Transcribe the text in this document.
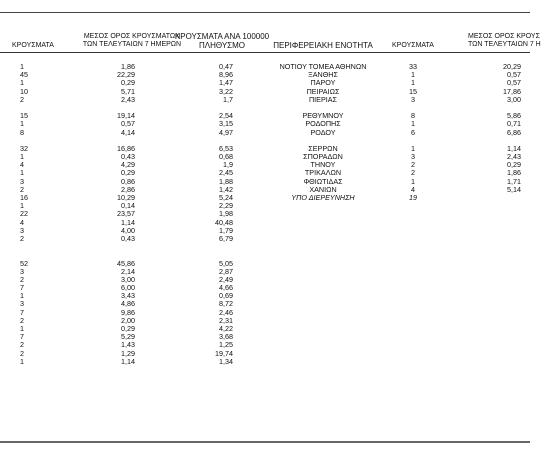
ΚΡΟΥΣΜΑΤΑ
ΜΕΣΟΣ ΟΡΟΣ ΚΡΟΥΣΜΑΤΩΝ
ΤΩΝ ΤΕΛΕΥΤΑΙΩΝ 7 ΗΜΕΡΩΝ
ΚΡΟΥΣΜΑΤΑ ΑΝΑ 100000
ΠΛΗΘΥΣΜΟ	ΠΕΡΙΦΕΡΕΙΑΚΗ ΕΝΟΤΗΤΑ	ΚΡΟΥΣΜΑΤΑ
ΜΕΣΟΣ ΟΡΟΣ ΚΡΟΥΣ
ΤΩΝ ΤΕΛΕΥΤΑΙΩΝ 7 Η
1
45
1
10
2
15
1
8
32
1
4
1
3
2
16
1
22
4
3
2
52
3
2
7
1
3
7
2
1
7
2
2
1
1,86
22,29
0,29
5,71
2,43
19,14
0,57
4,14
16,86
0,43
4,29
0,29
0,86
2,86
10,29
0,14
23,57
1,14
4,00
0,43
45,86
2,14
3,00
6,00
3,43
4,86
9,86
2,00
0,29
5,29
1,43
1,29
1,14
0,47
8,96
1,47
3,22
1,7
2,54
3,15
4,97
6,53
0,68
1,9
2,45
1,88
1,42
5,24
2,29
1,98
40,48
1,79
6,79
5,05
2,87
2,49
4,66
0,69
8,72
2,46
2,31
4,22
3,68
1,25
19,74
1,34
ΝΟΤΙΟΥ ΤΟΜΕΑ ΑΘΗΝΩΝ
ΞΑΝΘΗΣ
ΠΑΡΟΥ
ΠΕΙΡΑΙΩΣ
ΠΙΕΡΙΑΣ
ΡΕΘΥΜΝΟΥ
ΡΟΔΟΠΗΣ
ΡΟΔΟΥ
ΣΕΡΡΩΝ
ΣΠΟΡΑΔΩΝ
ΤΗΝΟΥ
ΤΡΙΚΑΛΩΝ
ΦΘΙΩΤΙΔΑΣ
ΧΑΝΙΩΝ
ΥΠΟ ΔΙΕΡΕΥΝΗΣΗ
33
1
1
15
3
8
1
6
1
3
2
2
1
4
19
20,29
0,57
0,57
17,86
3,00
5,86
0,71
6,86
1,14
2,43
0,29
1,86
1,71
5,14
